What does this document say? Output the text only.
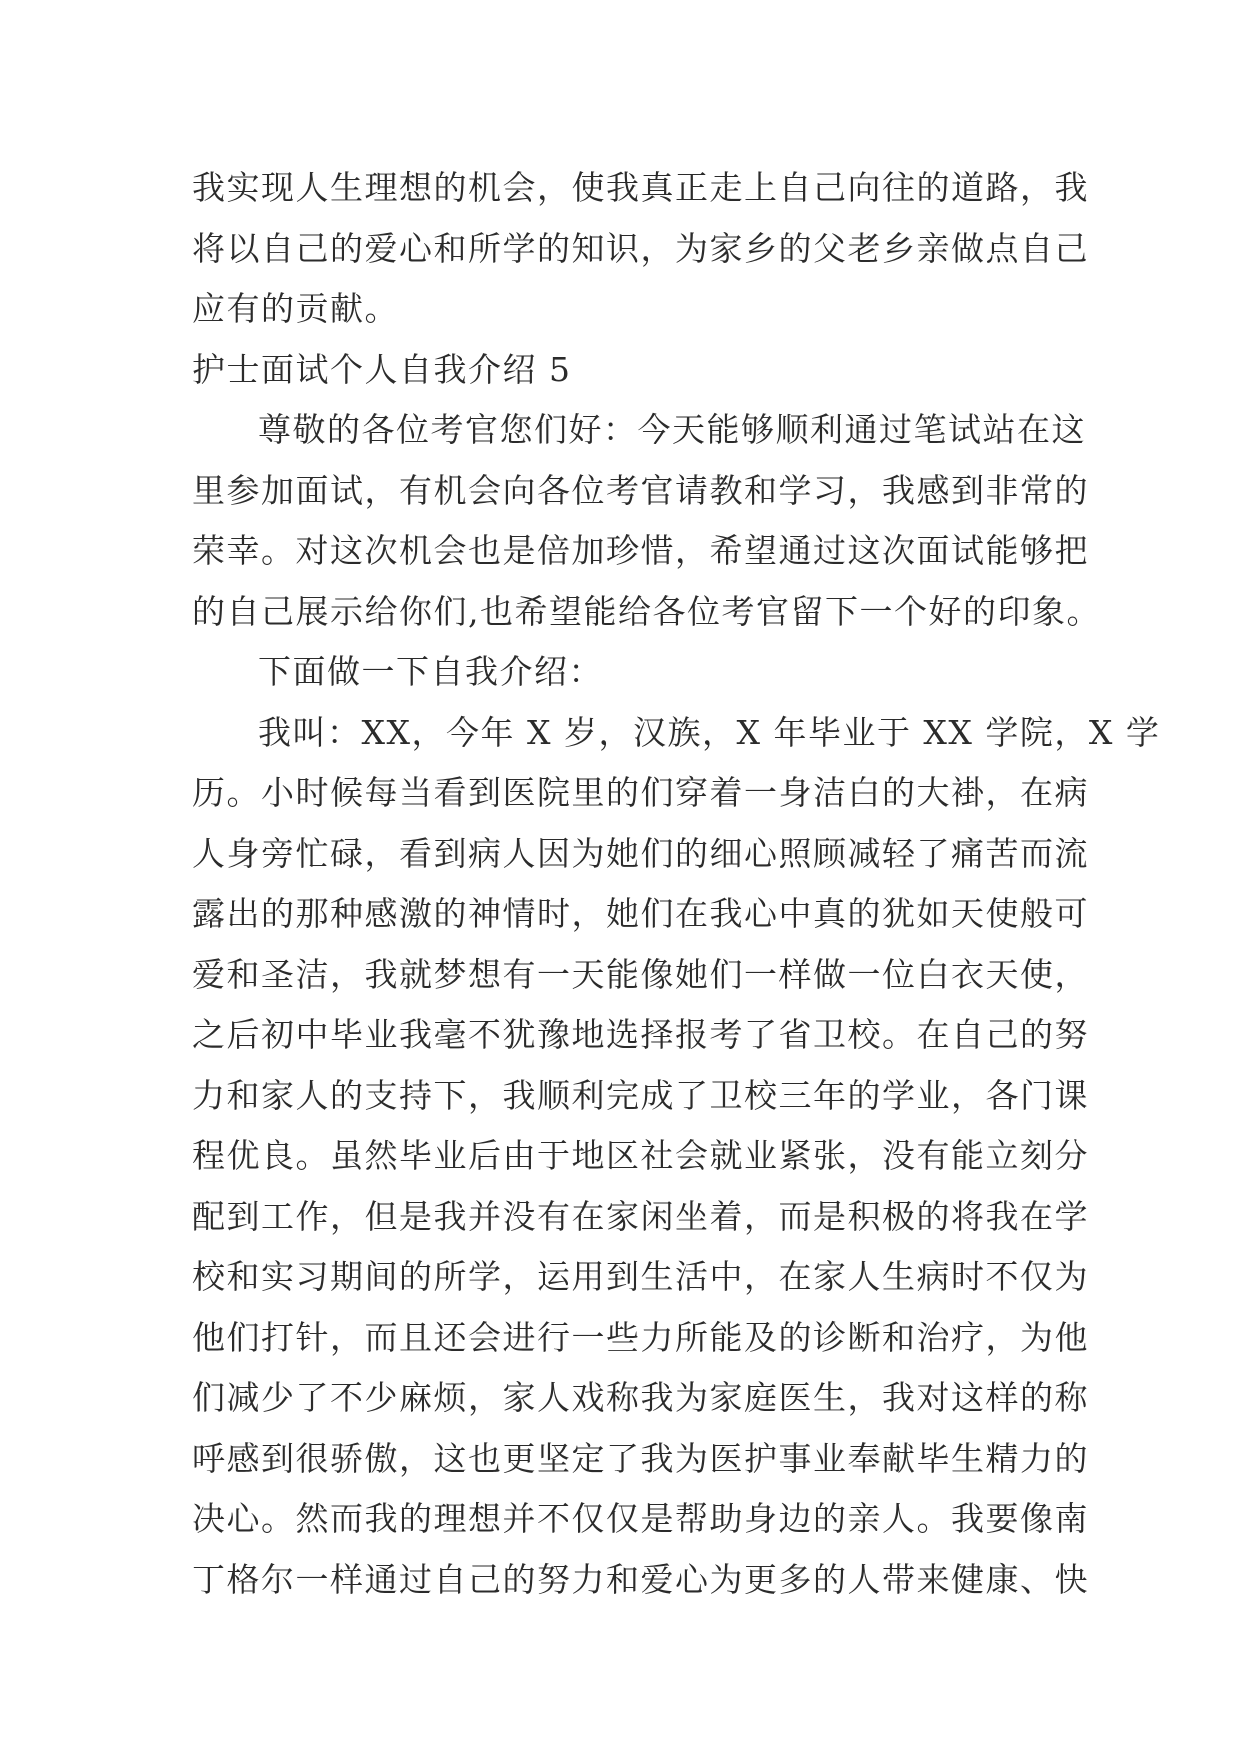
我实现人生理想的机会，使我真正走上自己向往的道路，我
将以自己的爱心和所学的知识，为家乡的父老乡亲做点自己
应有的贡献。
护士面试个人自我介绍 5
尊敬的各位考官您们好：今天能够顺利通过笔试站在这
里参加面试，有机会向各位考官请教和学习，我感到非常的
荣幸。对这次机会也是倍加珍惜，希望通过这次面试能够把
的自己展示给你们,也希望能给各位考官留下一个好的印象。
下面做一下自我介绍：
我叫：XX，今年 X 岁，汉族，X 年毕业于 XX 学院，X 学
历。小时候每当看到医院里的们穿着一身洁白的大褂，在病
人身旁忙碌，看到病人因为她们的细心照顾减轻了痛苦而流
露出的那种感激的神情时，她们在我心中真的犹如天使般可
爱和圣洁，我就梦想有一天能像她们一样做一位白衣天使，
之后初中毕业我毫不犹豫地选择报考了省卫校。在自己的努
力和家人的支持下，我顺利完成了卫校三年的学业，各门课
程优良。虽然毕业后由于地区社会就业紧张，没有能立刻分
配到工作，但是我并没有在家闲坐着，而是积极的将我在学
校和实习期间的所学，运用到生活中，在家人生病时不仅为
他们打针，而且还会进行一些力所能及的诊断和治疗，为他
们减少了不少麻烦，家人戏称我为家庭医生，我对这样的称
呼感到很骄傲，这也更坚定了我为医护事业奉献毕生精力的
决心。然而我的理想并不仅仅是帮助身边的亲人。我要像南
丁格尔一样通过自己的努力和爱心为更多的人带来健康、快
